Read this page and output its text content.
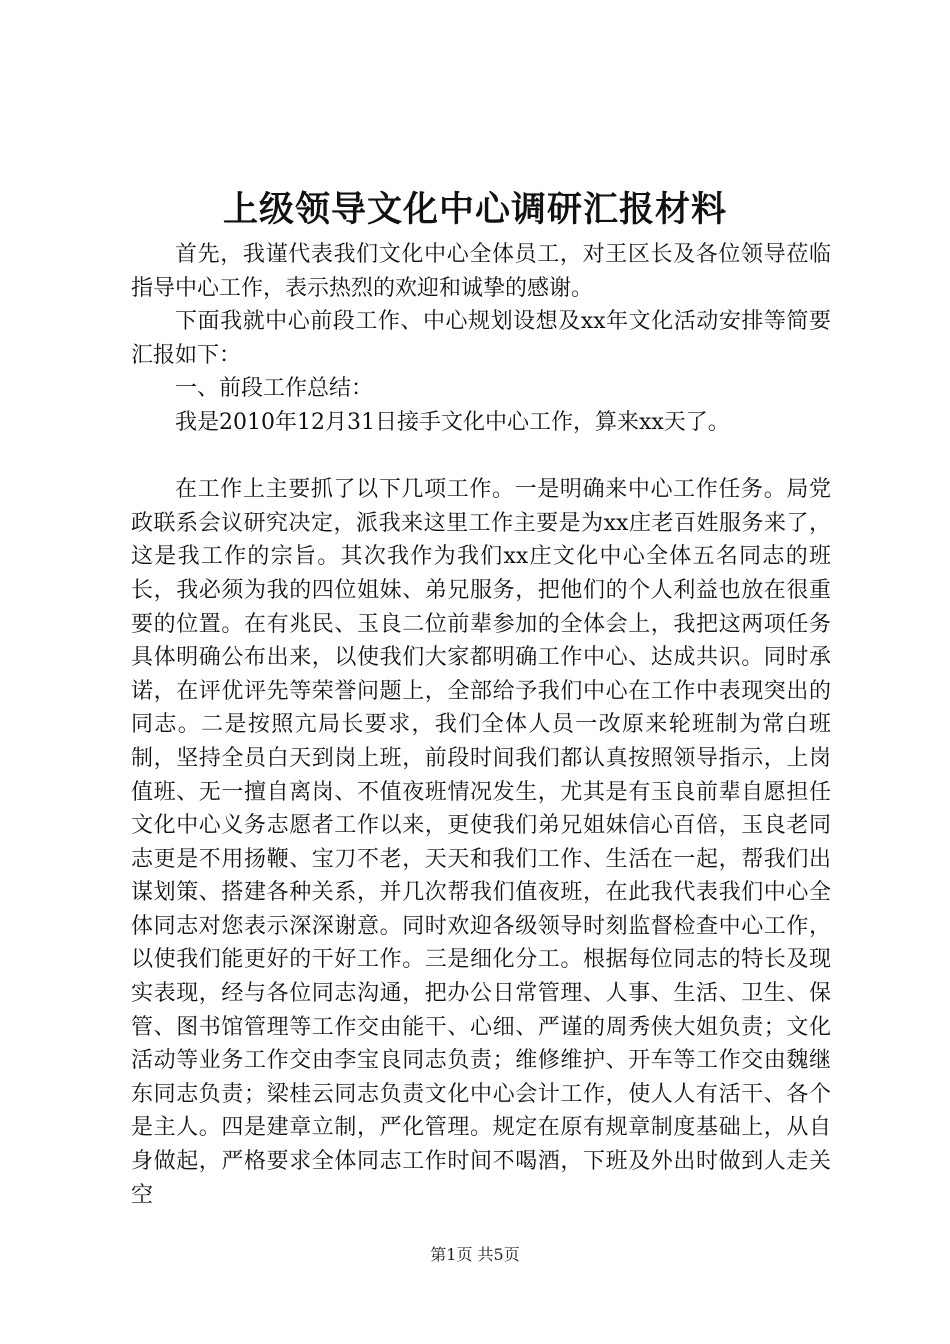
上级领导文化中心调研汇报材料

首先，我谨代表我们文化中心全体员工，对王区长及各位领导莅临指导中心工作，表示热烈的欢迎和诚挚的感谢。

下面我就中心前段工作、中心规划设想及xx年文化活动安排等简要汇报如下：

一、前段工作总结：

我是2010年12月31日接手文化中心工作，算来xx天了。

在工作上主要抓了以下几项工作。一是明确来中心工作任务。局党政联系会议研究决定，派我来这里工作主要是为xx庄老百姓服务来了，这是我工作的宗旨。其次我作为我们xx庄文化中心全体五名同志的班长，我必须为我的四位姐妹、弟兄服务，把他们的个人利益也放在很重要的位置。在有兆民、玉良二位前辈参加的全体会上，我把这两项任务具体明确公布出来，以使我们大家都明确工作中心、达成共识。同时承诺，在评优评先等荣誉问题上，全部给予我们中心在工作中表现突出的同志。二是按照亢局长要求，我们全体人员一改原来轮班制为常白班制，坚持全员白天到岗上班，前段时间我们都认真按照领导指示，上岗值班、无一擅自离岗、不值夜班情况发生，尤其是有玉良前辈自愿担任文化中心义务志愿者工作以来，更使我们弟兄姐妹信心百倍，玉良老同志更是不用扬鞭、宝刀不老，天天和我们工作、生活在一起，帮我们出谋划策、搭建各种关系，并几次帮我们值夜班，在此我代表我们中心全体同志对您表示深深谢意。同时欢迎各级领导时刻监督检查中心工作，以使我们能更好的干好工作。三是细化分工。根据每位同志的特长及现实表现，经与各位同志沟通，把办公日常管理、人事、生活、卫生、保管、图书馆管理等工作交由能干、心细、严谨的周秀侠大姐负责；文化活动等业务工作交由李宝良同志负责；维修维护、开车等工作交由魏继东同志负责；梁桂云同志负责文化中心会计工作，使人人有活干、各个是主人。四是建章立制，严化管理。规定在原有规章制度基础上，从自身做起，严格要求全体同志工作时间不喝酒，下班及外出时做到人走关空

第1页 共5页
